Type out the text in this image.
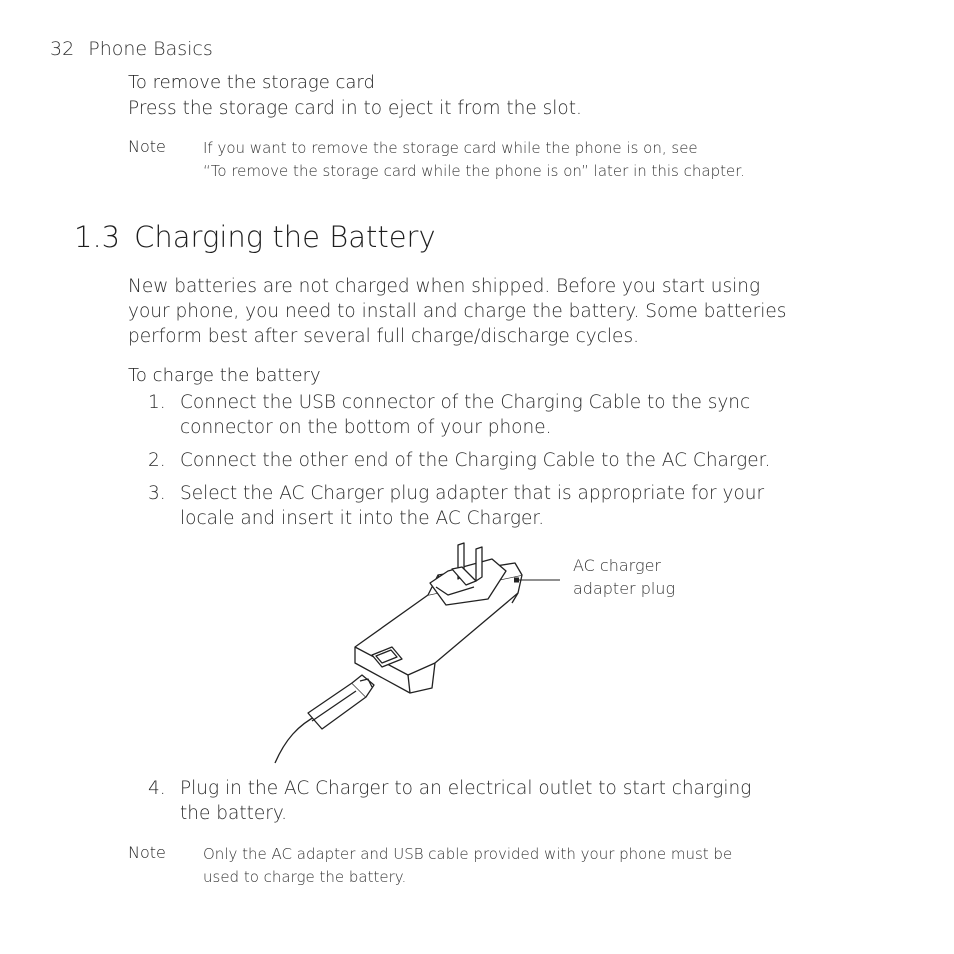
32 Phone Basics
To remove the storage card
Press the storage card in to eject it from the slot.
Note If you want to remove the storage card while the phone is on, see
“To remove the storage card while the phone is on” later in this chapter.
1.3 Charging the Battery
New batteries are not charged when shipped. Before you start using
your phone, you need to install and charge the battery. Some batteries
perform best after several full charge/discharge cycles.
To charge the battery
1. Connect the USB connector of the Charging Cable to the sync
connector on the bottom of your phone.
2. Connect the other end of the Charging Cable to the AC Charger.
3. Select the AC Charger plug adapter that is appropriate for your
locale and insert it into the AC Charger.
AC charger
adapter plug
4. Plug in the AC Charger to an electrical outlet to start charging
the battery.
Note Only the AC adapter and USB cable provided with your phone must be
used to charge the battery.
